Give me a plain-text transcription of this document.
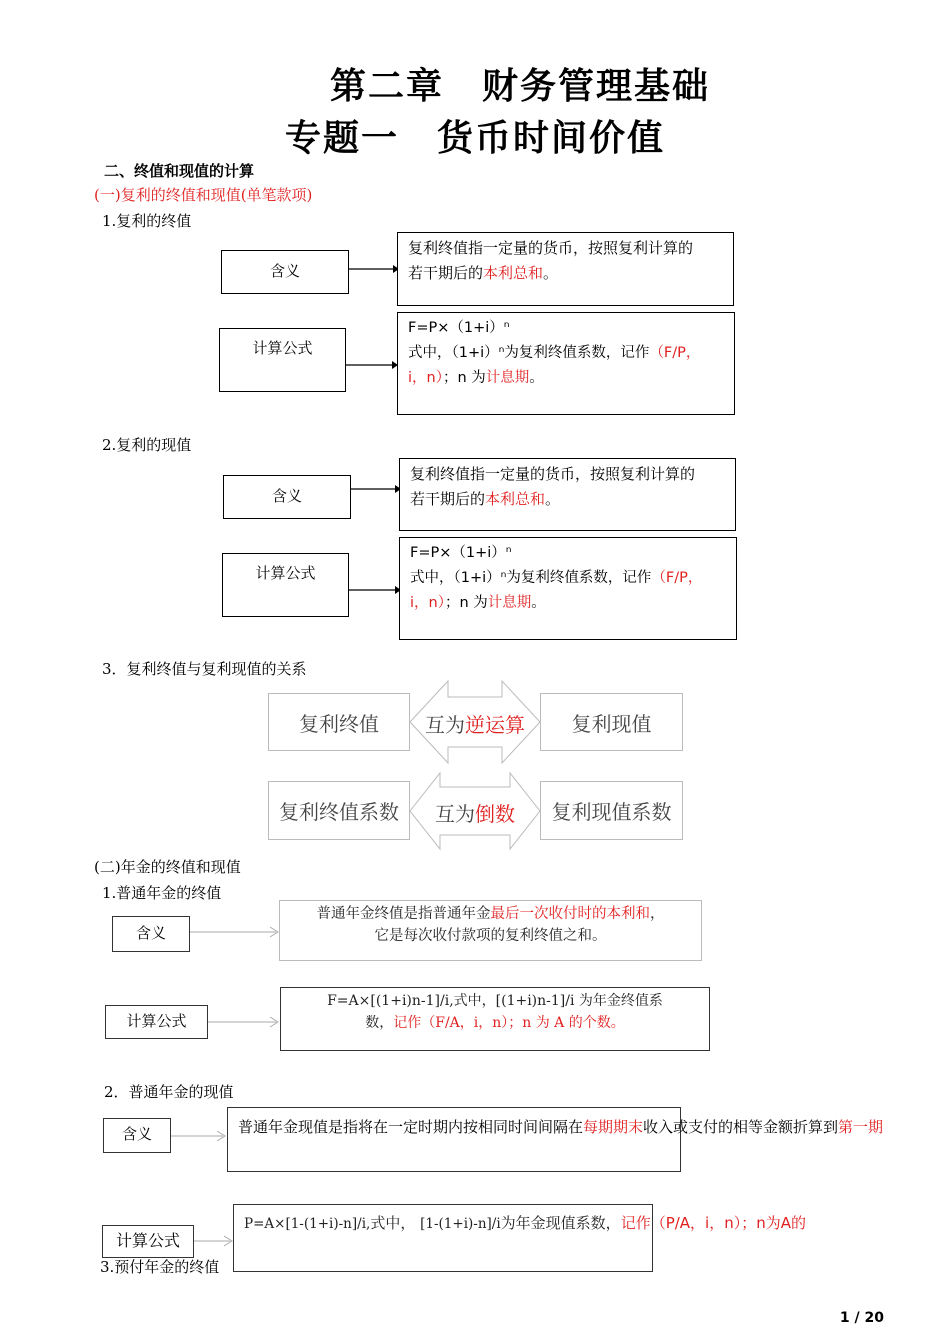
第二章　财务管理基础
专题一　货币时间价值
二、终值和现值的计算
(一)复利的终值和现值(单笔款项)
1.复利的终值
含义
复利终值指一定量的货币，按照复利计算的
若干期后的本利总和。
计算公式
F=P×（1+i）ⁿ
式中，（1+i）ⁿ为复利终值系数，记作（F/P，
i，n）；n 为计息期。
2.复利的现值
含义
复利终值指一定量的货币，按照复利计算的
若干期后的本利总和。
计算公式
F=P×（1+i）ⁿ
式中，（1+i）ⁿ为复利终值系数，记作（F/P，
i，n）；n 为计息期。
3．复利终值与复利现值的关系
复利终值	互为逆运算	复利现值
复利终值系数	互为倒数	复利现值系数
(二)年金的终值和现值
1.普通年金的终值
含义
普通年金终值是指普通年金最后一次收付时的本利和，
它是每次收付款项的复利终值之和。
计算公式
F=A×[(1+i)n-1]/i,式中，[(1+i)n-1]/i 为年金终值系
数，记作（F/A，i，n）；n 为 A 的个数。
2．普通年金的现值
含义	普通年金现值是指将在一定时期内按相同时间间隔在每期期末收入或支付的相等金额折算到第一期
P=A×[1-(1+i)-n]/i,式中， [1-(1+i)-n]/i为年金现值系数，记作（P/A，i，n）；n为A的
计算公式
3.预付年金的终值
1 / 20
